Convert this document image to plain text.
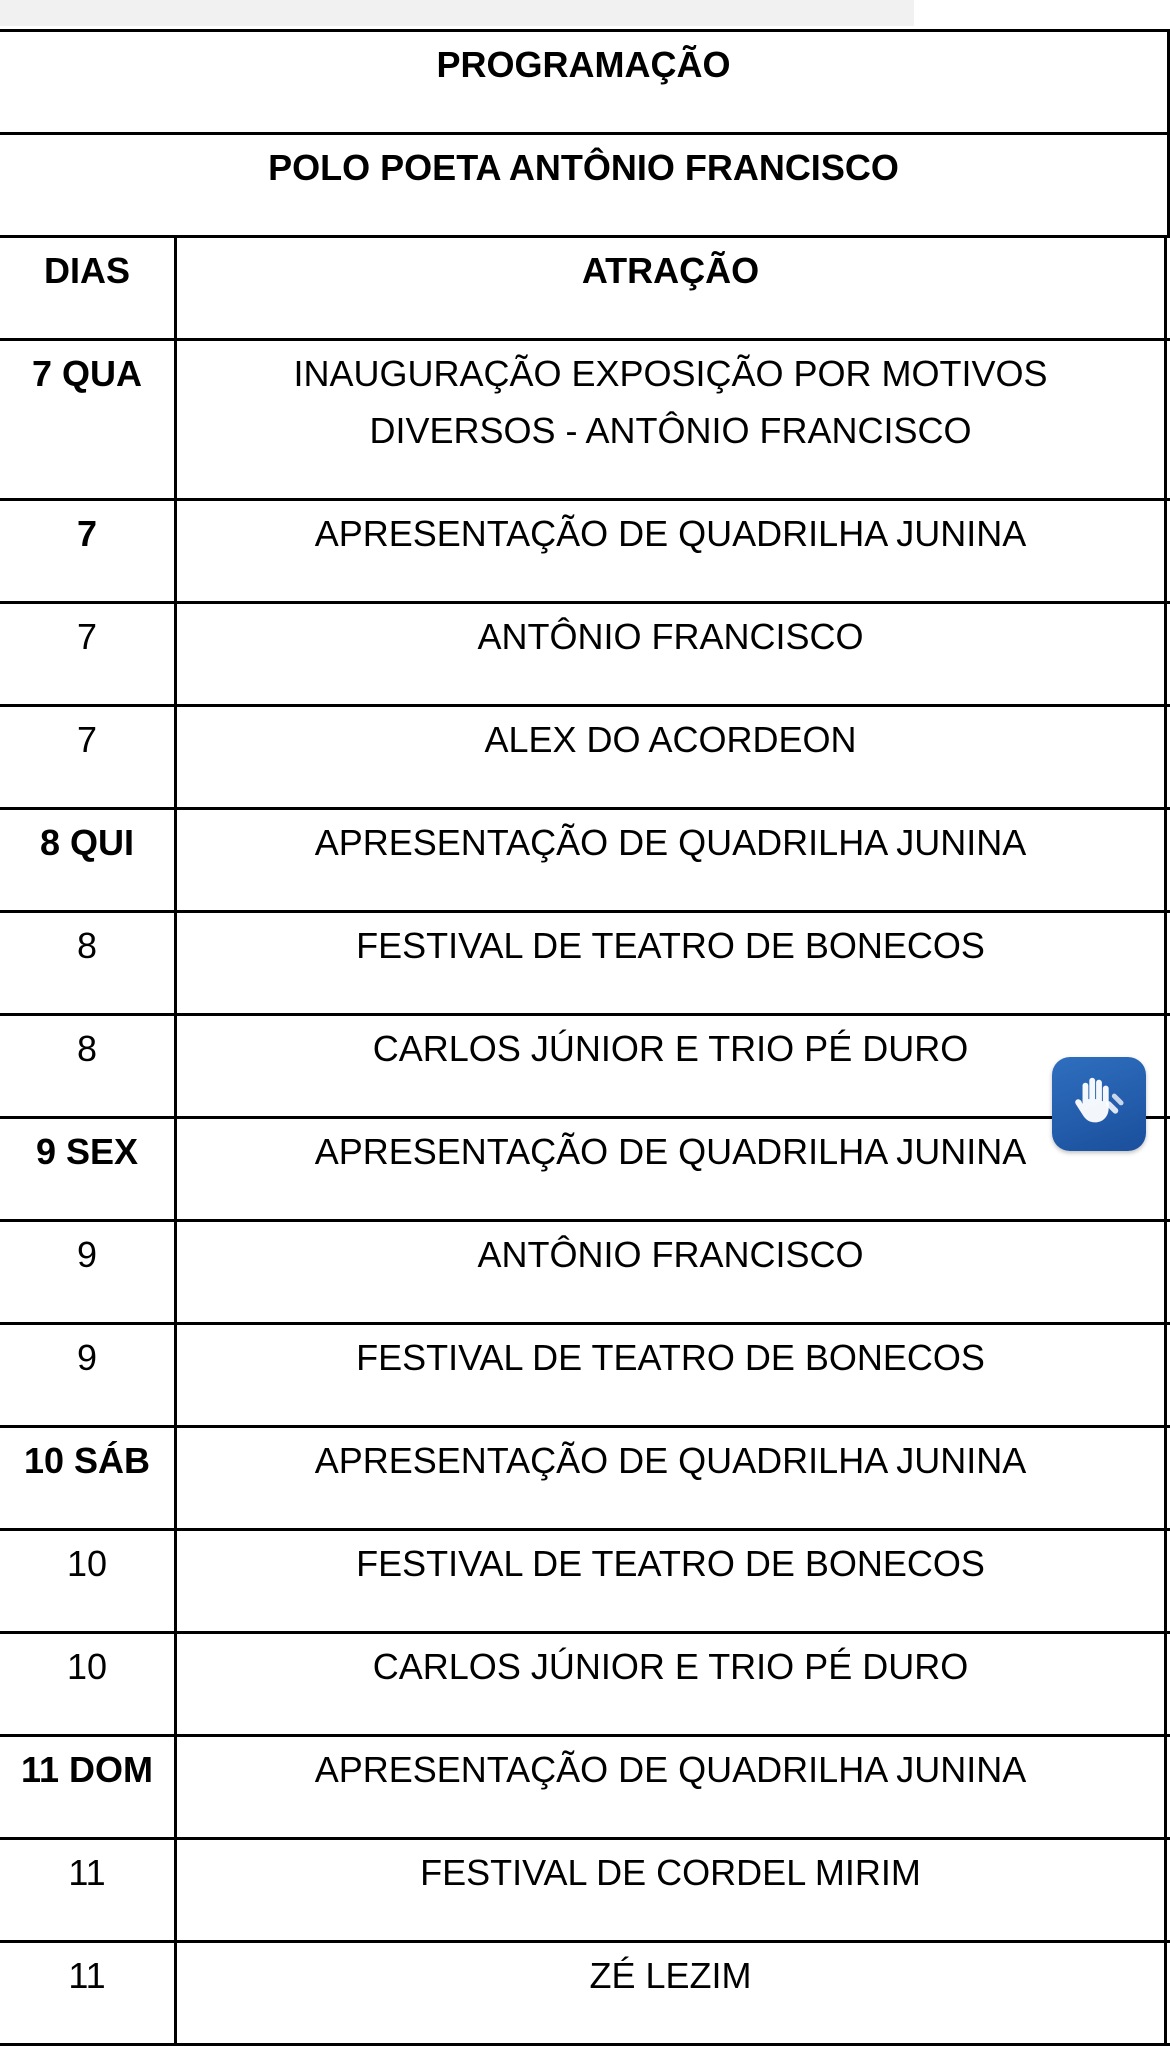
PROGRAMAÇÃO
POLO POETA ANTÔNIO FRANCISCO
DIAS	ATRAÇÃO
7 QUA	INAUGURAÇÃO EXPOSIÇÃO POR MOTIVOS DIVERSOS - ANTÔNIO FRANCISCO
7	APRESENTAÇÃO DE QUADRILHA JUNINA
7	ANTÔNIO FRANCISCO
7	ALEX DO ACORDEON
8 QUI	APRESENTAÇÃO DE QUADRILHA JUNINA
8	FESTIVAL DE TEATRO DE BONECOS
8	CARLOS JÚNIOR E TRIO PÉ DURO
9 SEX	APRESENTAÇÃO DE QUADRILHA JUNINA
9	ANTÔNIO FRANCISCO
9	FESTIVAL DE TEATRO DE BONECOS
10 SÁB	APRESENTAÇÃO DE QUADRILHA JUNINA
10	FESTIVAL DE TEATRO DE BONECOS
10	CARLOS JÚNIOR E TRIO PÉ DURO
11 DOM	APRESENTAÇÃO DE QUADRILHA JUNINA
11	FESTIVAL DE CORDEL MIRIM
11	ZÉ LEZIM
